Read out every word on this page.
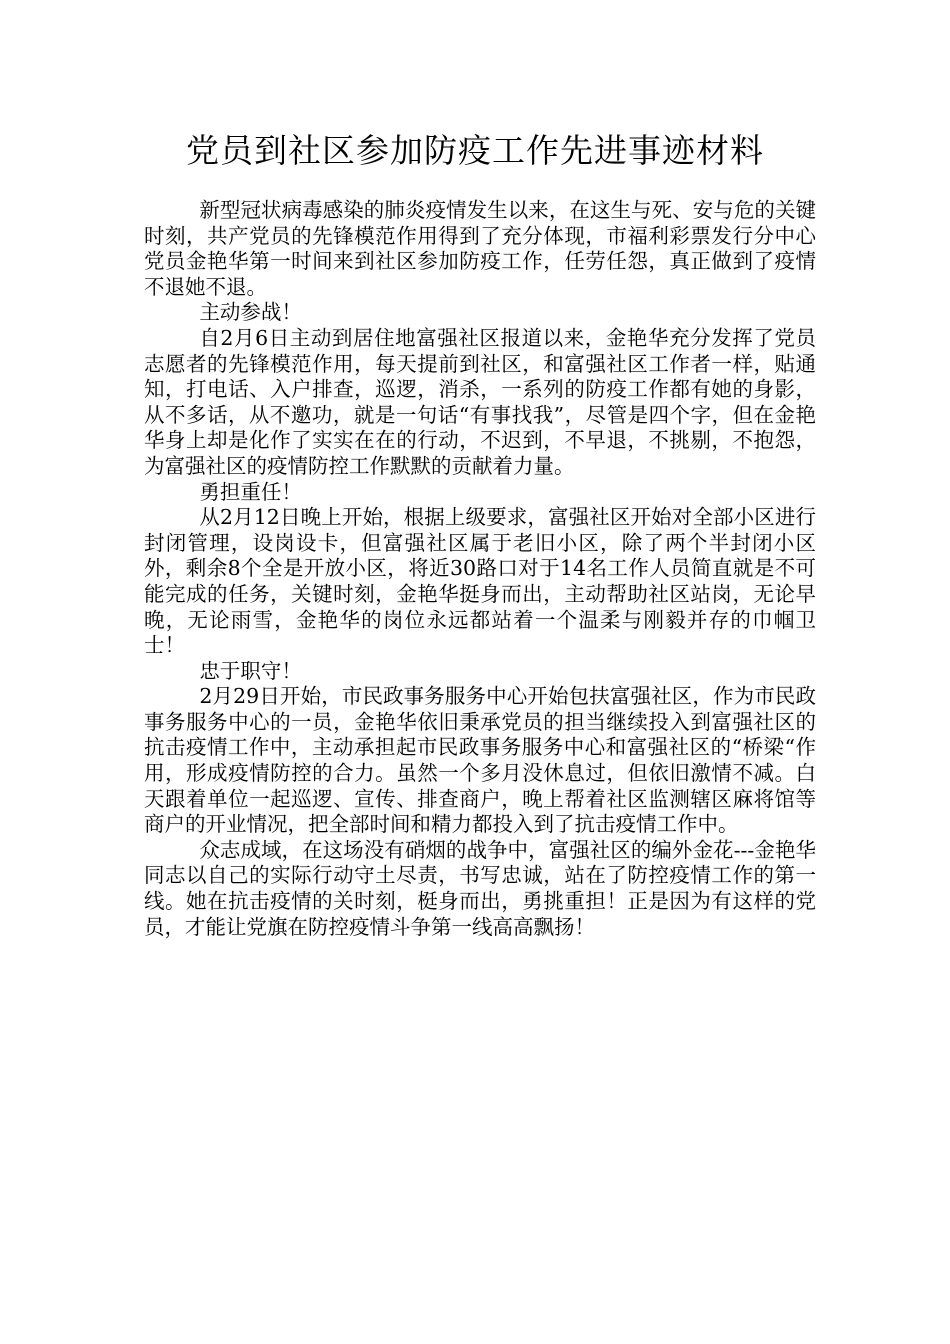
党员到社区参加防疫工作先进事迹材料

新型冠状病毒感染的肺炎疫情发生以来，在这生与死、安与危的关键时刻，共产党员的先锋模范作用得到了充分体现，市福利彩票发行分中心党员金艳华第一时间来到社区参加防疫工作，任劳任怨，真正做到了疫情不退她不退。

主动参战！

自2月6日主动到居住地富强社区报道以来，金艳华充分发挥了党员志愿者的先锋模范作用，每天提前到社区，和富强社区工作者一样，贴通知，打电话、入户排查，巡逻，消杀，一系列的防疫工作都有她的身影，从不多话，从不邀功，就是一句话“有事找我”，尽管是四个字，但在金艳华身上却是化作了实实在在的行动，不迟到，不早退，不挑剔，不抱怨，为富强社区的疫情防控工作默默的贡献着力量。

勇担重任！

从2月12日晚上开始，根据上级要求，富强社区开始对全部小区进行封闭管理，设岗设卡，但富强社区属于老旧小区，除了两个半封闭小区外，剩余8个全是开放小区，将近30路口对于14名工作人员简直就是不可能完成的任务，关键时刻，金艳华挺身而出，主动帮助社区站岗，无论早晚，无论雨雪，金艳华的岗位永远都站着一个温柔与刚毅并存的巾帼卫士！

忠于职守！

2月29日开始，市民政事务服务中心开始包扶富强社区，作为市民政事务服务中心的一员，金艳华依旧秉承党员的担当继续投入到富强社区的抗击疫情工作中，主动承担起市民政事务服务中心和富强社区的“桥梁“作用，形成疫情防控的合力。虽然一个多月没休息过，但依旧激情不减。白天跟着单位一起巡逻、宣传、排查商户，晚上帮着社区监测辖区麻将馆等商户的开业情况，把全部时间和精力都投入到了抗击疫情工作中。

众志成域，在这场没有硝烟的战争中，富强社区的编外金花---金艳华同志以自己的实际行动守土尽责，书写忠诚，站在了防控疫情工作的第一线。她在抗击疫情的关时刻，梃身而出，勇挑重担！正是因为有这样的党员，才能让党旗在防控疫情斗争第一线高高飘扬！
